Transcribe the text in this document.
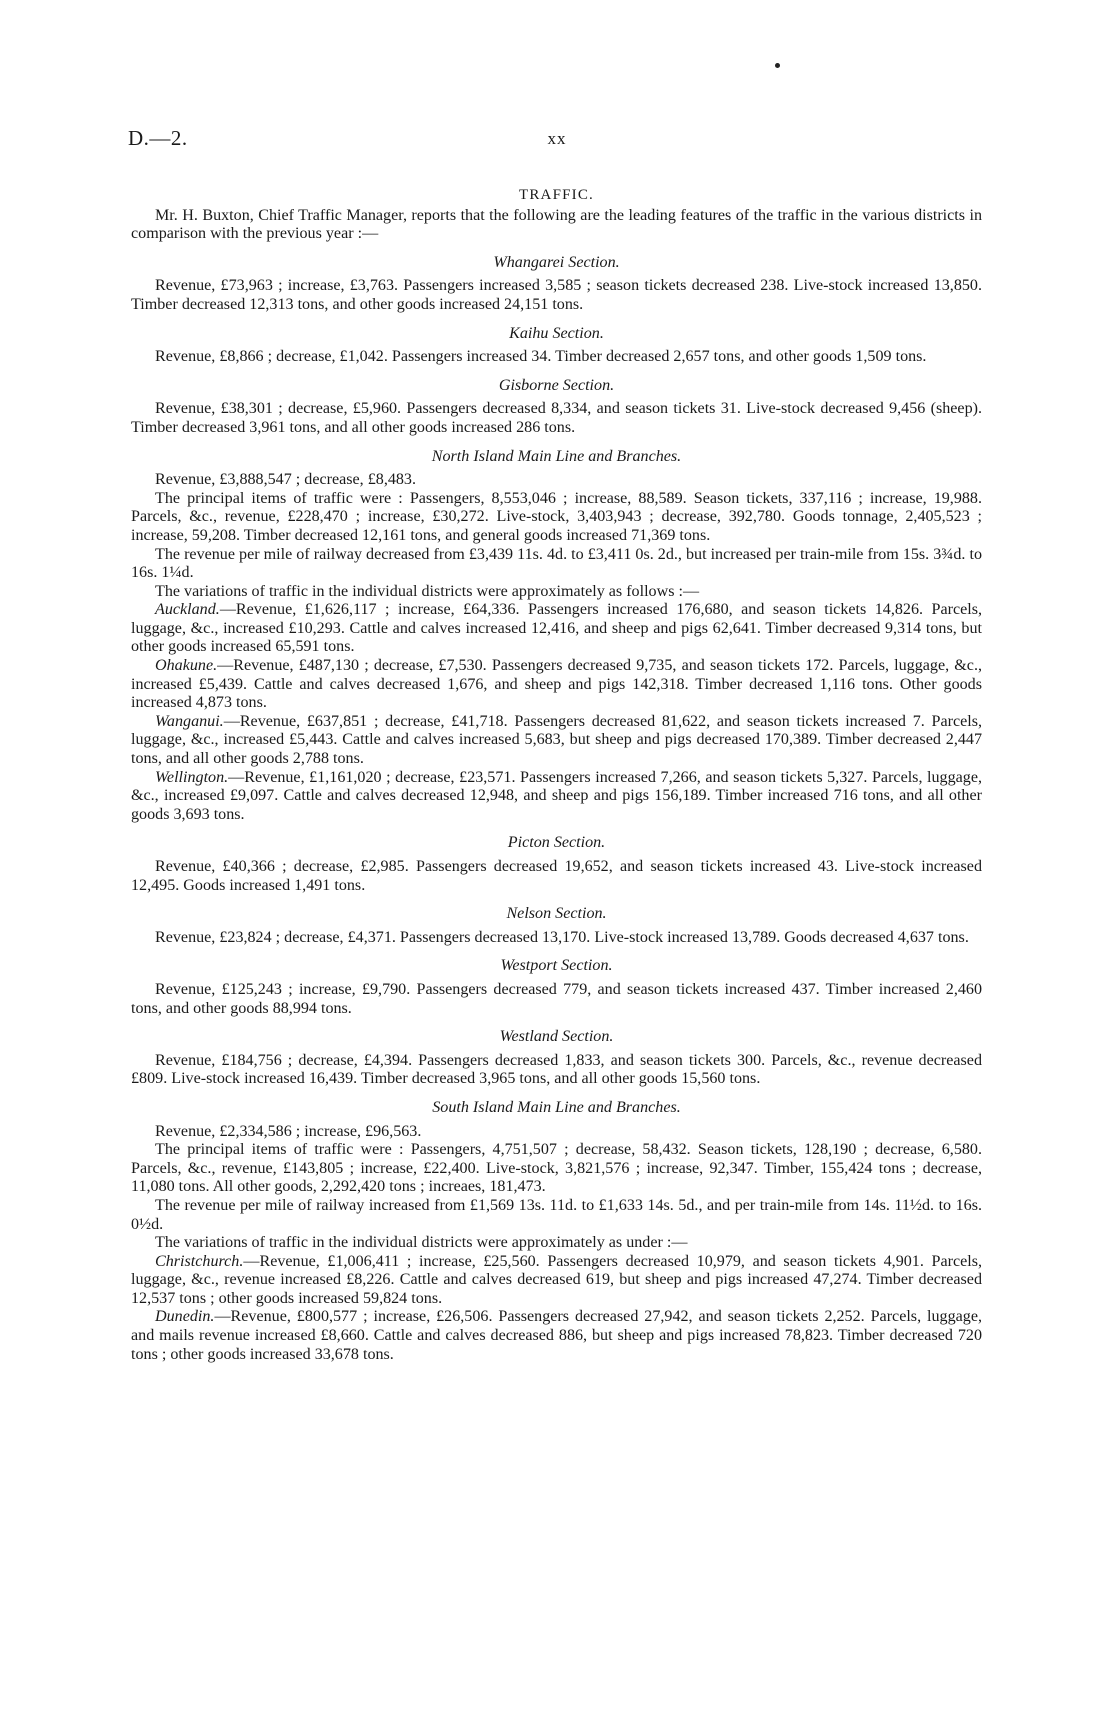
D.—2.	xx
TRAFFIC.

Mr. H. Buxton, Chief Traffic Manager, reports that the following are the leading features of the traffic in the various districts in comparison with the previous year :—

Whangarei Section.

Revenue, £73,963 ; increase, £3,763. Passengers increased 3,585 ; season tickets decreased 238. Live-stock increased 13,850. Timber decreased 12,313 tons, and other goods increased 24,151 tons.

Kaihu Section.

Revenue, £8,866 ; decrease, £1,042. Passengers increased 34. Timber decreased 2,657 tons, and other goods 1,509 tons.

Gisborne Section.

Revenue, £38,301 ; decrease, £5,960. Passengers decreased 8,334, and season tickets 31. Live-stock decreased 9,456 (sheep). Timber decreased 3,961 tons, and all other goods increased 286 tons.

North Island Main Line and Branches.

Revenue, £3,888,547 ; decrease, £8,483.

The principal items of traffic were : Passengers, 8,553,046 ; increase, 88,589. Season tickets, 337,116 ; increase, 19,988. Parcels, &c., revenue, £228,470 ; increase, £30,272. Live-stock, 3,403,943 ; decrease, 392,780. Goods tonnage, 2,405,523 ; increase, 59,208. Timber decreased 12,161 tons, and general goods increased 71,369 tons.

The revenue per mile of railway decreased from £3,439 11s. 4d. to £3,411 0s. 2d., but increased per train-mile from 15s. 3¾d. to 16s. 1¼d.

The variations of traffic in the individual districts were approximately as follows :—

Auckland.—Revenue, £1,626,117 ; increase, £64,336. Passengers increased 176,680, and season tickets 14,826. Parcels, luggage, &c., increased £10,293. Cattle and calves increased 12,416, and sheep and pigs 62,641. Timber decreased 9,314 tons, but other goods increased 65,591 tons.

Ohakune.—Revenue, £487,130 ; decrease, £7,530. Passengers decreased 9,735, and season tickets 172. Parcels, luggage, &c., increased £5,439. Cattle and calves decreased 1,676, and sheep and pigs 142,318. Timber decreased 1,116 tons. Other goods increased 4,873 tons.

Wanganui.—Revenue, £637,851 ; decrease, £41,718. Passengers decreased 81,622, and season tickets increased 7. Parcels, luggage, &c., increased £5,443. Cattle and calves increased 5,683, but sheep and pigs decreased 170,389. Timber decreased 2,447 tons, and all other goods 2,788 tons.

Wellington.—Revenue, £1,161,020 ; decrease, £23,571. Passengers increased 7,266, and season tickets 5,327. Parcels, luggage, &c., increased £9,097. Cattle and calves decreased 12,948, and sheep and pigs 156,189. Timber increased 716 tons, and all other goods 3,693 tons.

Picton Section.

Revenue, £40,366 ; decrease, £2,985. Passengers decreased 19,652, and season tickets increased 43. Live-stock increased 12,495. Goods increased 1,491 tons.

Nelson Section.

Revenue, £23,824 ; decrease, £4,371. Passengers decreased 13,170. Live-stock increased 13,789. Goods decreased 4,637 tons.

Westport Section.

Revenue, £125,243 ; increase, £9,790. Passengers decreased 779, and season tickets increased 437. Timber increased 2,460 tons, and other goods 88,994 tons.

Westland Section.

Revenue, £184,756 ; decrease, £4,394. Passengers decreased 1,833, and season tickets 300. Parcels, &c., revenue decreased £809. Live-stock increased 16,439. Timber decreased 3,965 tons, and all other goods 15,560 tons.

South Island Main Line and Branches.

Revenue, £2,334,586 ; increase, £96,563.

The principal items of traffic were : Passengers, 4,751,507 ; decrease, 58,432. Season tickets, 128,190 ; decrease, 6,580. Parcels, &c., revenue, £143,805 ; increase, £22,400. Live-stock, 3,821,576 ; increase, 92,347. Timber, 155,424 tons ; decrease, 11,080 tons. All other goods, 2,292,420 tons ; increaes, 181,473.

The revenue per mile of railway increased from £1,569 13s. 11d. to £1,633 14s. 5d., and per train-mile from 14s. 11½d. to 16s. 0½d.

The variations of traffic in the individual districts were approximately as under :—

Christchurch.—Revenue, £1,006,411 ; increase, £25,560. Passengers decreased 10,979, and season tickets 4,901. Parcels, luggage, &c., revenue increased £8,226. Cattle and calves decreased 619, but sheep and pigs increased 47,274. Timber decreased 12,537 tons ; other goods increased 59,824 tons.

Dunedin.—Revenue, £800,577 ; increase, £26,506. Passengers decreased 27,942, and season tickets 2,252. Parcels, luggage, and mails revenue increased £8,660. Cattle and calves decreased 886, but sheep and pigs increased 78,823. Timber decreased 720 tons ; other goods increased 33,678 tons.
